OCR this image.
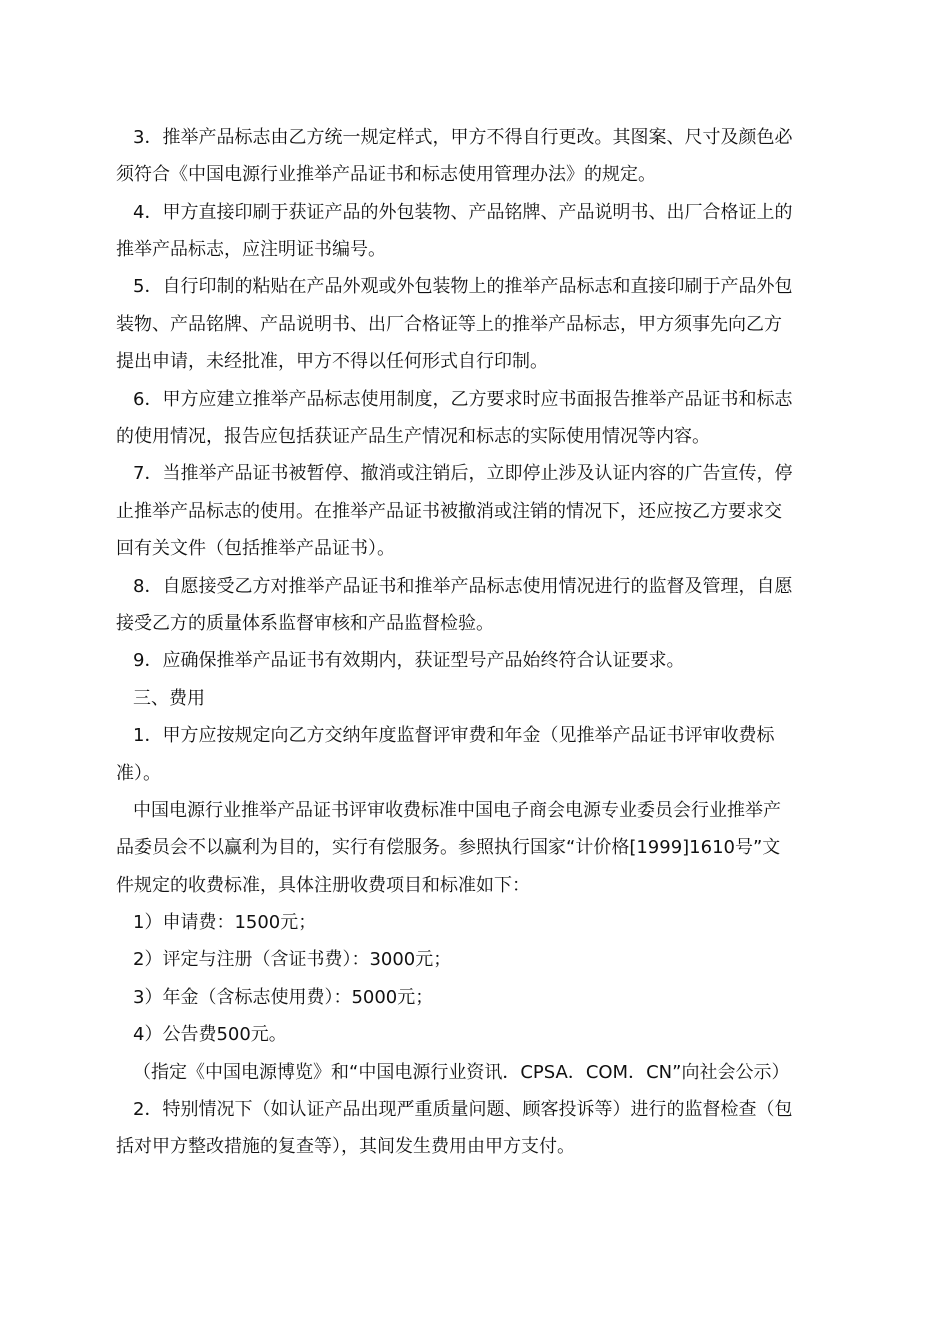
3．推举产品标志由乙方统一规定样式，甲方不得自行更改。其图案、尺寸及颜色必
须符合《中国电源行业推举产品证书和标志使用管理办法》的规定。
4．甲方直接印刷于获证产品的外包装物、产品铭牌、产品说明书、出厂合格证上的
推举产品标志，应注明证书编号。
5．自行印制的粘贴在产品外观或外包装物上的推举产品标志和直接印刷于产品外包
装物、产品铭牌、产品说明书、出厂合格证等上的推举产品标志，甲方须事先向乙方
提出申请，未经批准，甲方不得以任何形式自行印制。
6．甲方应建立推举产品标志使用制度，乙方要求时应书面报告推举产品证书和标志
的使用情况，报告应包括获证产品生产情况和标志的实际使用情况等内容。
7．当推举产品证书被暂停、撤消或注销后，立即停止涉及认证内容的广告宣传，停
止推举产品标志的使用。在推举产品证书被撤消或注销的情况下，还应按乙方要求交
回有关文件（包括推举产品证书）。
8．自愿接受乙方对推举产品证书和推举产品标志使用情况进行的监督及管理，自愿
接受乙方的质量体系监督审核和产品监督检验。
9．应确保推举产品证书有效期内，获证型号产品始终符合认证要求。
三、费用
1．甲方应按规定向乙方交纳年度监督评审费和年金（见推举产品证书评审收费标
准）。
中国电源行业推举产品证书评审收费标准中国电子商会电源专业委员会行业推举产
品委员会不以赢利为目的，实行有偿服务。参照执行国家“计价格[1999]1610号”文
件规定的收费标准，具体注册收费项目和标准如下：
1）申请费：1500元；
2）评定与注册（含证书费）：3000元；
3）年金（含标志使用费）：5000元；
4）公告费500元。
（指定《中国电源博览》和“中国电源行业资讯．CPSA．COM．CN”向社会公示）
2．特别情况下（如认证产品出现严重质量问题、顾客投诉等）进行的监督检查（包
括对甲方整改措施的复查等），其间发生费用由甲方支付。
